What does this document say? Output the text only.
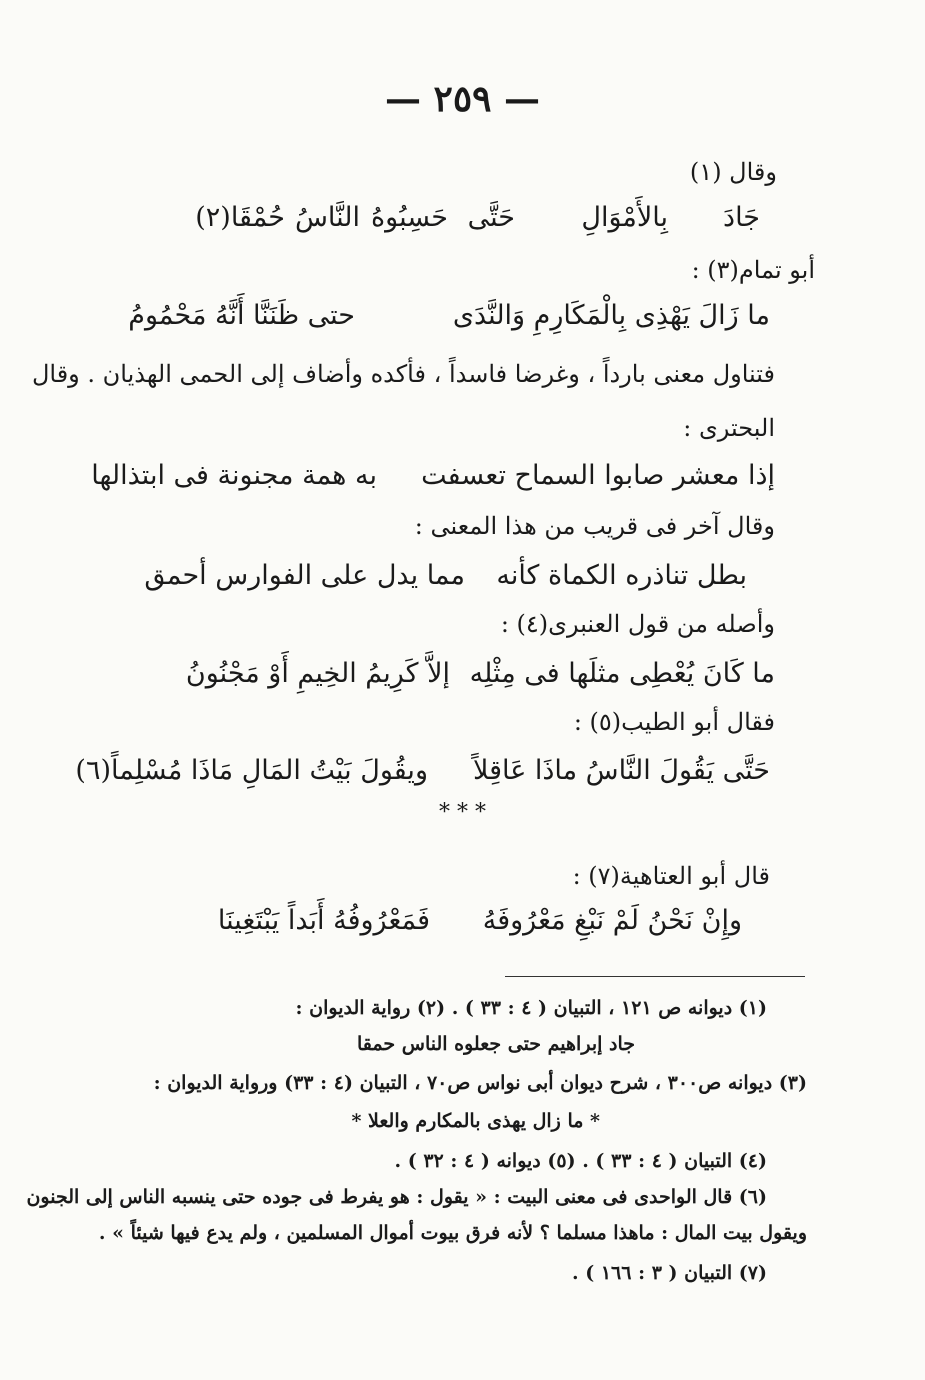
— ٢٥٩ —
وقال (١)
جَادَ
بِالأَمْوَالِ
حَتَّى
حَسِبُوهُ
النَّاسُ
حُمْقَا(٢)
أبو تمام(٣) :
ما زَالَ يَهْذِى بِالْمَكَارِمِ وَالنَّدَى
حتى ظَنَنَّا أَنَّهُ مَحْمُومُ
فتناول معنى بارداً ، وغرضا فاسداً ، فأكده وأضاف إلى الحمى الهذيان . وقال
البحترى :
إذا معشر صابوا السماح تعسفت
به همة مجنونة فى ابتذالها
وقال آخر فى قريب من هذا المعنى :
بطل تناذره الكماة كأنه
مما يدل على الفوارس أحمق
وأصله من قول العنبرى(٤) :
ما كَانَ يُعْطِى مثلَها فى مِثْلِه
إلاَّ كَرِيمُ الخِيمِ أَوْ مَجْنُونُ
فقال أبو الطيب(٥) :
حَتَّى يَقُولَ النَّاسُ ماذَا عَاقِلاً
ويقُولَ بَيْتُ المَالِ مَاذَا مُسْلِماً(٦)
* * *
قال أبو العتاهية(٧) :
وإِنْ نَحْنُ لَمْ نَبْغِ مَعْرُوفَهُ
فَمَعْرُوفُهُ أَبَداً يَبْتَغِينَا
(١) ديوانه ص ١٢١ ، التبيان ( ٤ : ٣٣ ) . (٢) رواية الديوان :
جاد إبراهيم حتى جعلوه الناس حمقا
(٣) ديوانه ص٣٠٠ ، شرح ديوان أبى نواس ص٧٠ ، التبيان (٤ : ٣٣) ورواية الديوان :
* ما زال يهذى بالمكارم والعلا *
(٤) التبيان ( ٤ : ٣٣ ) . (٥) ديوانه ( ٤ : ٣٢ ) .
(٦) قال الواحدى فى معنى البيت : « يقول : هو يفرط فى جوده حتى ينسبه الناس إلى الجنون
ويقول بيت المال : ماهذا مسلما ؟ لأنه فرق بيوت أموال المسلمين ، ولم يدع فيها شيئاً » .
(٧) التبيان ( ٣ : ١٦٦ ) .
